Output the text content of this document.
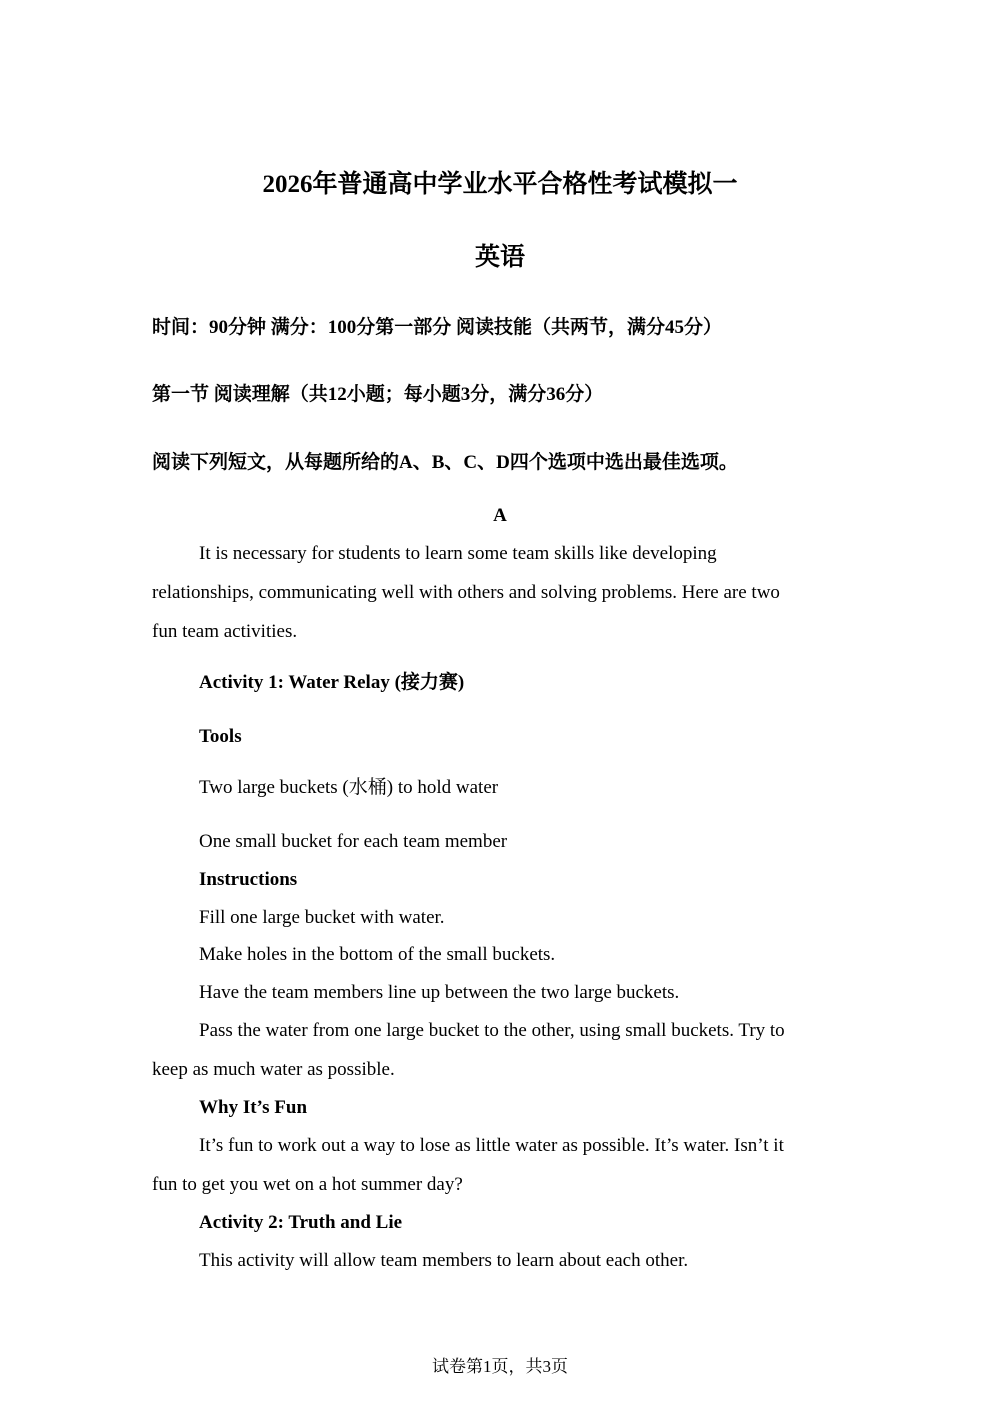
2026年普通高中学业水平合格性考试模拟一
英语
时间：90分钟 满分：100分第一部分 阅读技能（共两节，满分45分）
第一节 阅读理解（共12小题；每小题3分，满分36分）
阅读下列短文，从每题所给的A、B、C、D四个选项中选出最佳选项。
A
It is necessary for students to learn some team skills like developing
relationships, communicating well with others and solving problems. Here are two
fun team activities.
Activity 1: Water Relay (接力赛)
Tools
Two large buckets (水桶) to hold water
One small bucket for each team member
Instructions
Fill one large bucket with water.
Make holes in the bottom of the small buckets.
Have the team members line up between the two large buckets.
Pass the water from one large bucket to the other, using small buckets. Try to
keep as much water as possible.
Why It’s Fun
It’s fun to work out a way to lose as little water as possible. It’s water. Isn’t it
fun to get you wet on a hot summer day?
Activity 2: Truth and Lie
This activity will allow team members to learn about each other.
试卷第1页，共3页
